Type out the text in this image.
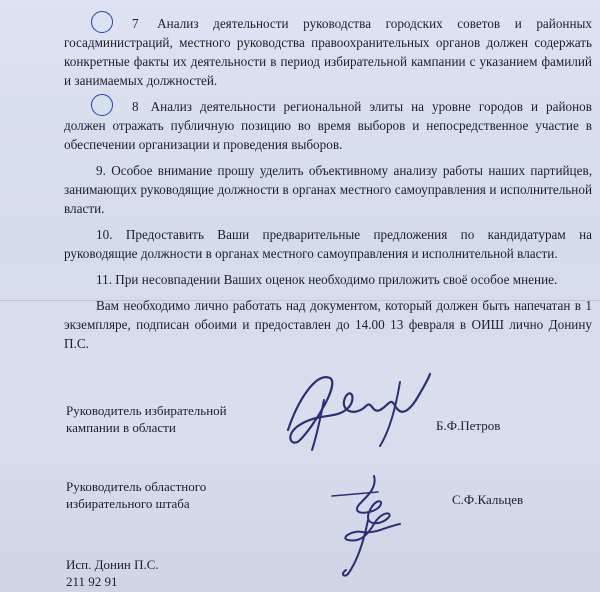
7 Анализ деятельности руководства городских советов и районных госадминистраций, местного руководства правоохранительных органов должен содержать конкретные факты их деятельности в период избирательной кампании с указанием фамилий и занимаемых должностей.

8 Анализ деятельности региональной элиты на уровне городов и районов должен отражать публичную позицию во время выборов и непосредственное участие в обеспечении организации и проведения выборов.

9. Особое внимание прошу уделить объективному анализу работы наших партийцев, занимающих руководящие должности в органах местного самоуправления и исполнительной власти.

10. Предоставить Ваши предварительные предложения по кандидатурам на руководящие должности в органах местного самоуправления и исполнительной власти.

11. При несовпадении Ваших оценок необходимо приложить своё особое мнение.

Вам необходимо лично работать над документом, который должен быть напечатан в 1 экземпляре, подписан обоими и предоставлен до 14.00 13 февраля в ОИШ лично Донину П.С.

Руководитель избирательной кампании в области	Б.Ф.Петров
Руководитель областного избирательного штаба	С.Ф.Кальцев
Исп. Донин П.С.
211 92 91
